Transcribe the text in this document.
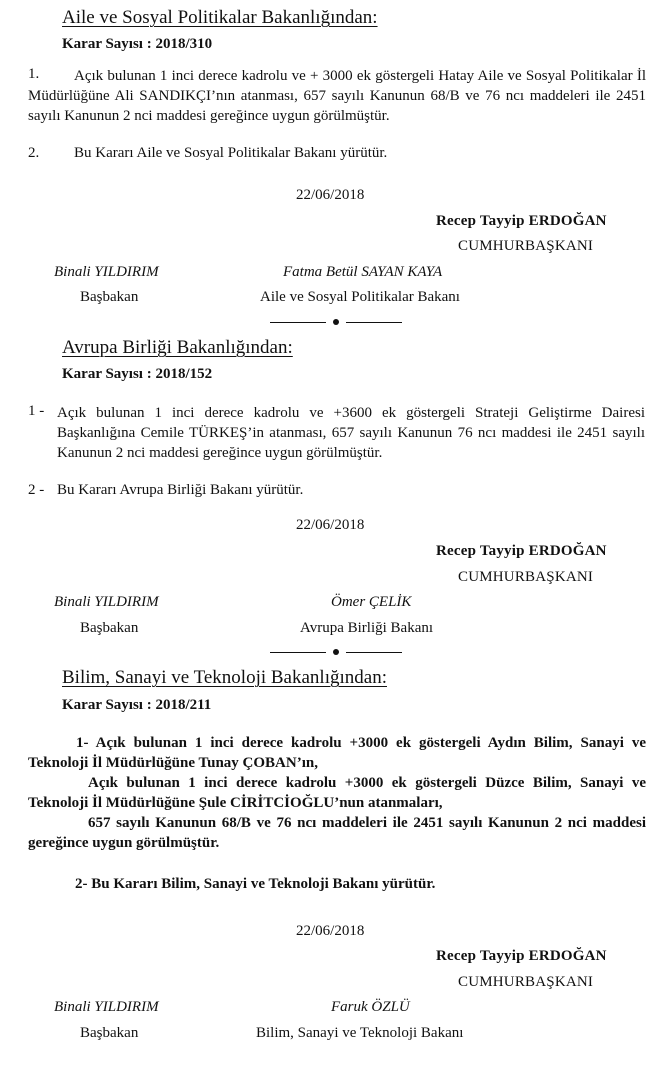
Aile ve Sosyal Politikalar Bakanlığından:
Karar Sayısı : 2018/310
1.	Açık bulunan 1 inci derece kadrolu ve + 3000 ek göstergeli Hatay Aile ve Sosyal Politikalar İl Müdürlüğüne Ali SANDIKÇI’nın atanması, 657 sayılı Kanunun 68/B ve 76 ncı maddeleri ile 2451 sayılı Kanunun 2 nci maddesi gereğince uygun görülmüştür.
2. Bu Kararı Aile ve Sosyal Politikalar Bakanı yürütür.
22/06/2018
Recep Tayyip ERDOĞAN
CUMHURBAŞKANI
Binali YILDIRIM
Başbakan
Fatma Betül SAYAN KAYA
Aile ve Sosyal Politikalar Bakanı
Avrupa Birliği Bakanlığından:
Karar Sayısı : 2018/152
1 - Açık bulunan 1 inci derece kadrolu ve +3600 ek göstergeli Strateji Geliştirme Dairesi Başkanlığına Cemile TÜRKEŞ’in atanması, 657 sayılı Kanunun 76 ncı maddesi ile 2451 sayılı Kanunun 2 nci maddesi gereğince uygun görülmüştür.
2 - Bu Kararı Avrupa Birliği Bakanı yürütür.
22/06/2018
Recep Tayyip ERDOĞAN
CUMHURBAŞKANI
Binali YILDIRIM
Başbakan
Ömer ÇELİK
Avrupa Birliği Bakanı
Bilim, Sanayi ve Teknoloji Bakanlığından:
Karar Sayısı : 2018/211
1- Açık bulunan 1 inci derece kadrolu +3000 ek göstergeli Aydın Bilim, Sanayi ve Teknoloji İl Müdürlüğüne Tunay ÇOBAN’ın,
Açık bulunan 1 inci derece kadrolu +3000 ek göstergeli Düzce Bilim, Sanayi ve Teknoloji İl Müdürlüğüne Şule CİRİTCİOĞLU’nun atanmaları,
657 sayılı Kanunun 68/B ve 76 ncı maddeleri ile 2451 sayılı Kanunun 2 nci maddesi gereğince uygun görülmüştür.
2- Bu Kararı Bilim, Sanayi ve Teknoloji Bakanı yürütür.
22/06/2018
Recep Tayyip ERDOĞAN
CUMHURBAŞKANI
Binali YILDIRIM
Başbakan
Faruk ÖZLÜ
Bilim, Sanayi ve Teknoloji Bakanı
